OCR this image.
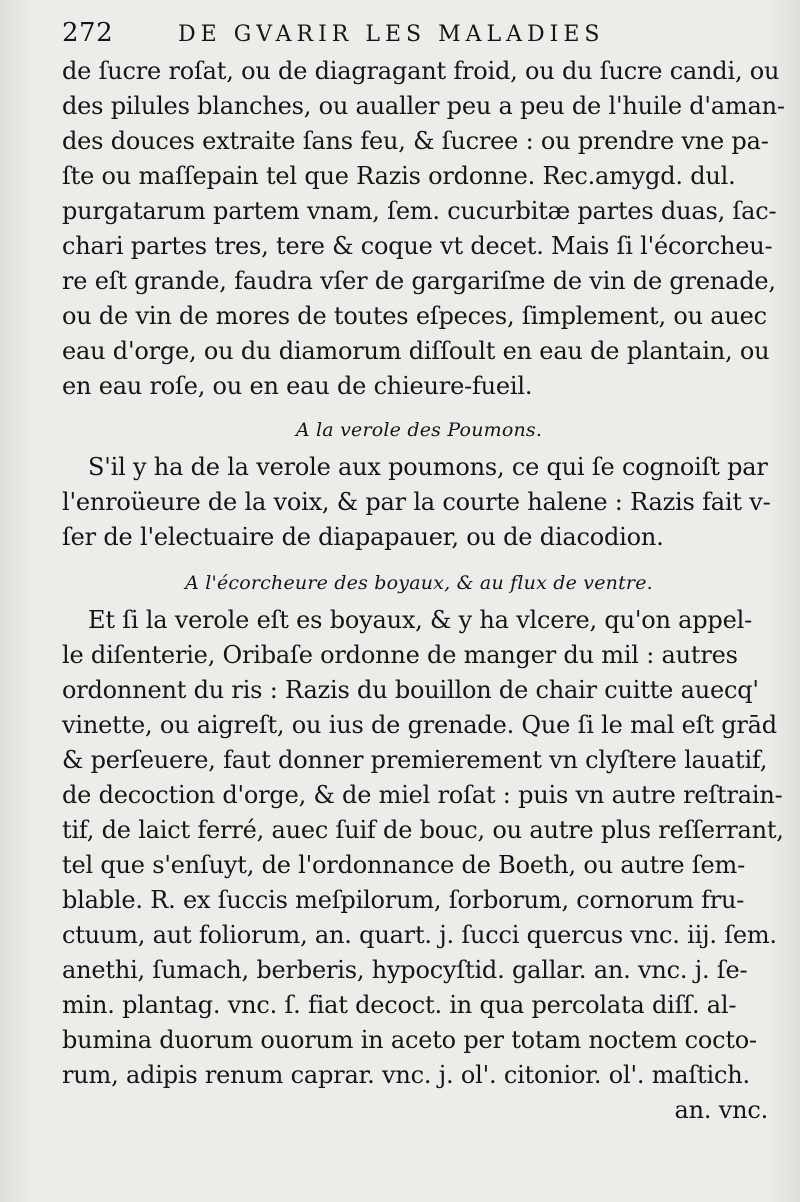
272	DE GVARIR LES MALADIES
de ſucre roſat, ou de diagragant froid, ou du ſucre candi, ou
des pilules blanches, ou aualler peu a peu de l'huile d'aman-
des douces extraite ſans feu, & ſucree : ou prendre vne pa-
ſte ou maſſepain tel que Razis ordonne. Rec.amygd. dul.
purgatarum partem vnam, ſem. cucurbitæ partes duas, ſac-
chari partes tres, tere & coque vt decet. Mais ſi l'écorcheu-
re eſt grande, faudra vſer de gargariſme de vin de grenade,
ou de vin de mores de toutes eſpeces, ſimplement, ou auec
eau d'orge, ou du diamorum diſſoult en eau de plantain, ou
en eau roſe, ou en eau de chieure-fueil.
A la verole des Poumons.
S'il y ha de la verole aux poumons, ce qui ſe cognoiſt par
l'enroüeure de la voix, & par la courte halene : Razis fait v-
ſer de l'electuaire de diapapauer, ou de diacodion.
A l'écorcheure des boyaux, & au flux de ventre.
Et ſi la verole eſt es boyaux, & y ha vlcere, qu'on appel-
le diſenterie, Oribaſe ordonne de manger du mil : autres
ordonnent du ris : Razis du bouillon de chair cuitte auecq'
vinette, ou aigreſt, ou ius de grenade. Que ſi le mal eſt grād
& perſeuere, faut donner premierement vn clyſtere lauatif,
de decoction d'orge, & de miel roſat : puis vn autre reſtrain-
tif, de laict ferré, auec ſuif de bouc, ou autre plus reſſerrant,
tel que s'enſuyt, de l'ordonnance de Boeth, ou autre ſem-
blable. R. ex ſuccis meſpilorum, ſorborum, cornorum fru-
ctuum, aut foliorum, an. quart. j. ſucci quercus vnc. iij. ſem.
anethi, ſumach, berberis, hypocyſtid. gallar. an. vnc. j. ſe-
min. plantag. vnc. ſ. fiat decoct. in qua percolata diſſ. al-
bumina duorum ouorum in aceto per totam noctem cocto-
rum, adipis renum caprar. vnc. j. ol'. citonior. ol'. maſtich.
an. vnc.
